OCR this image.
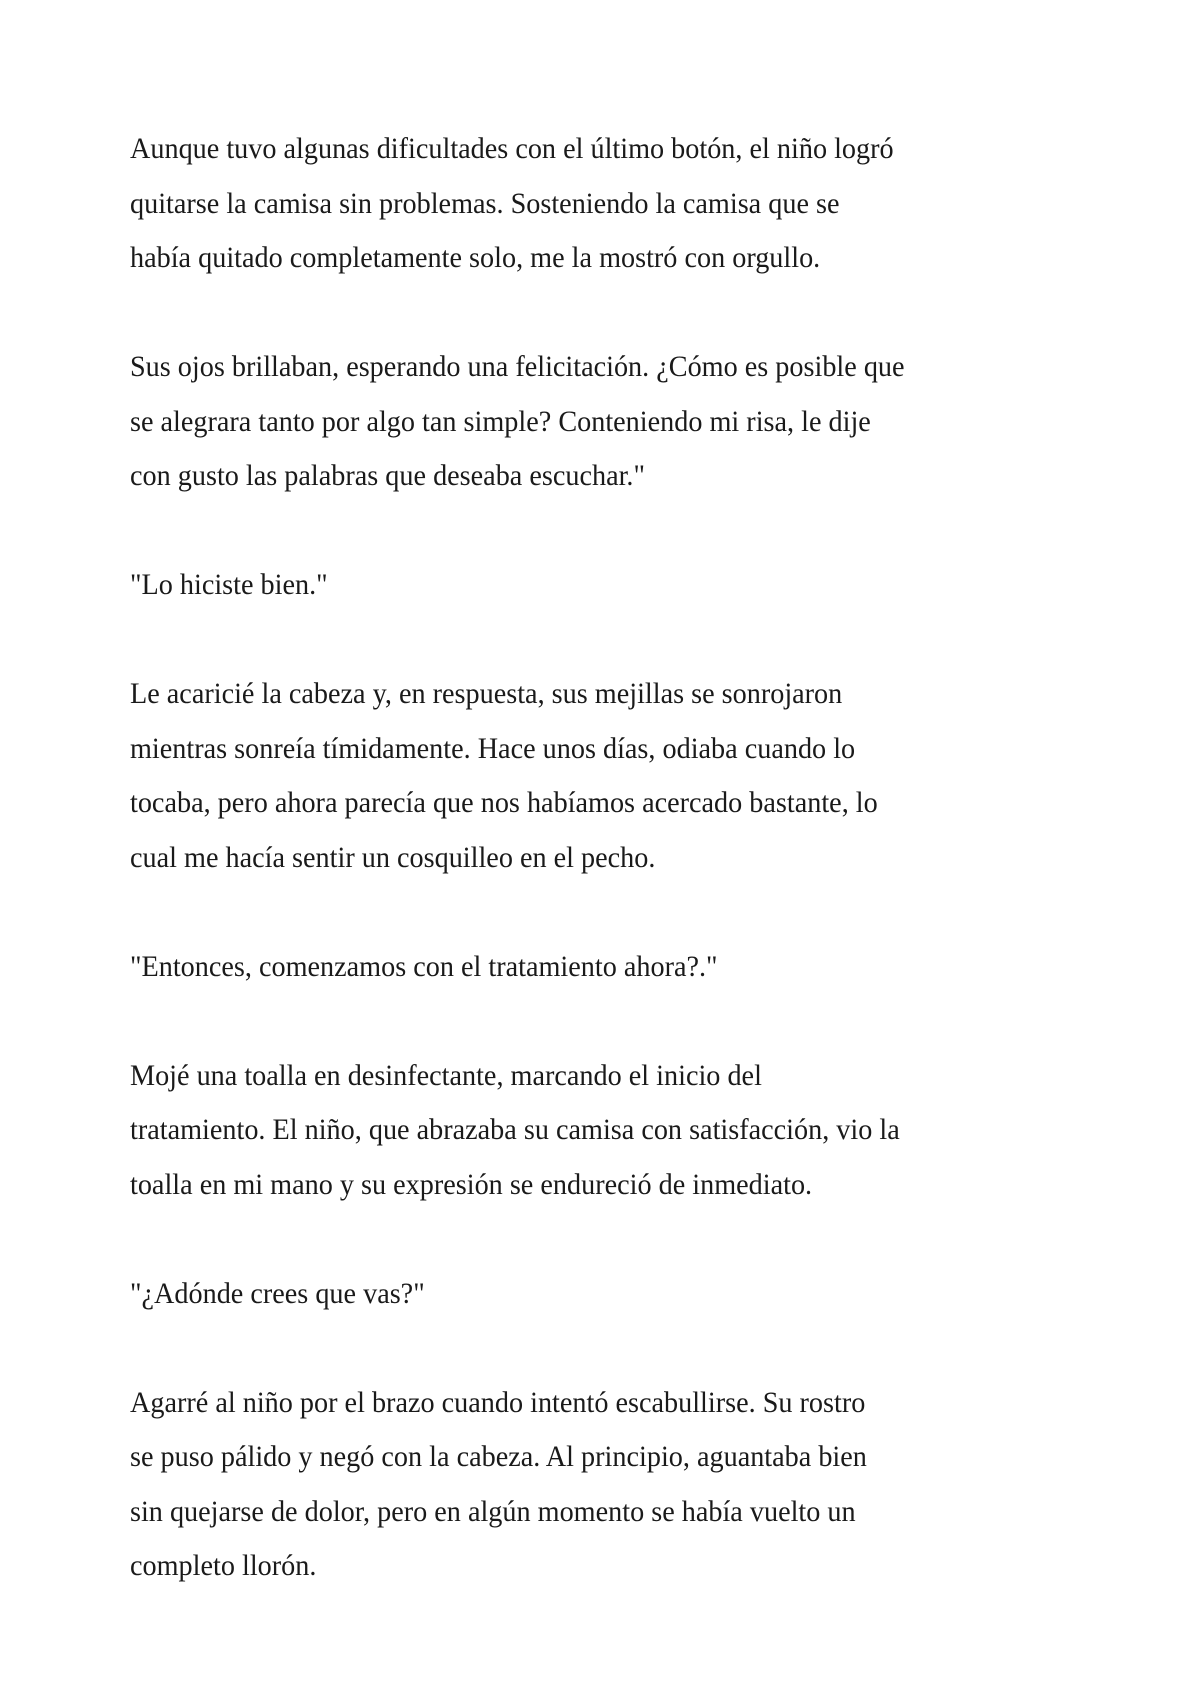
Aunque tuvo algunas dificultades con el último botón, el niño logró
quitarse la camisa sin problemas. Sosteniendo la camisa que se
había quitado completamente solo, me la mostró con orgullo.

Sus ojos brillaban, esperando una felicitación. ¿Cómo es posible que
se alegrara tanto por algo tan simple? Conteniendo mi risa, le dije
con gusto las palabras que deseaba escuchar."

"Lo hiciste bien."

Le acaricié la cabeza y, en respuesta, sus mejillas se sonrojaron
mientras sonreía tímidamente. Hace unos días, odiaba cuando lo
tocaba, pero ahora parecía que nos habíamos acercado bastante, lo
cual me hacía sentir un cosquilleo en el pecho.

"Entonces, comenzamos con el tratamiento ahora?."

Mojé una toalla en desinfectante, marcando el inicio del
tratamiento. El niño, que abrazaba su camisa con satisfacción, vio la
toalla en mi mano y su expresión se endureció de inmediato.

"¿Adónde crees que vas?"

Agarré al niño por el brazo cuando intentó escabullirse. Su rostro
se puso pálido y negó con la cabeza. Al principio, aguantaba bien
sin quejarse de dolor, pero en algún momento se había vuelto un
completo llorón.
